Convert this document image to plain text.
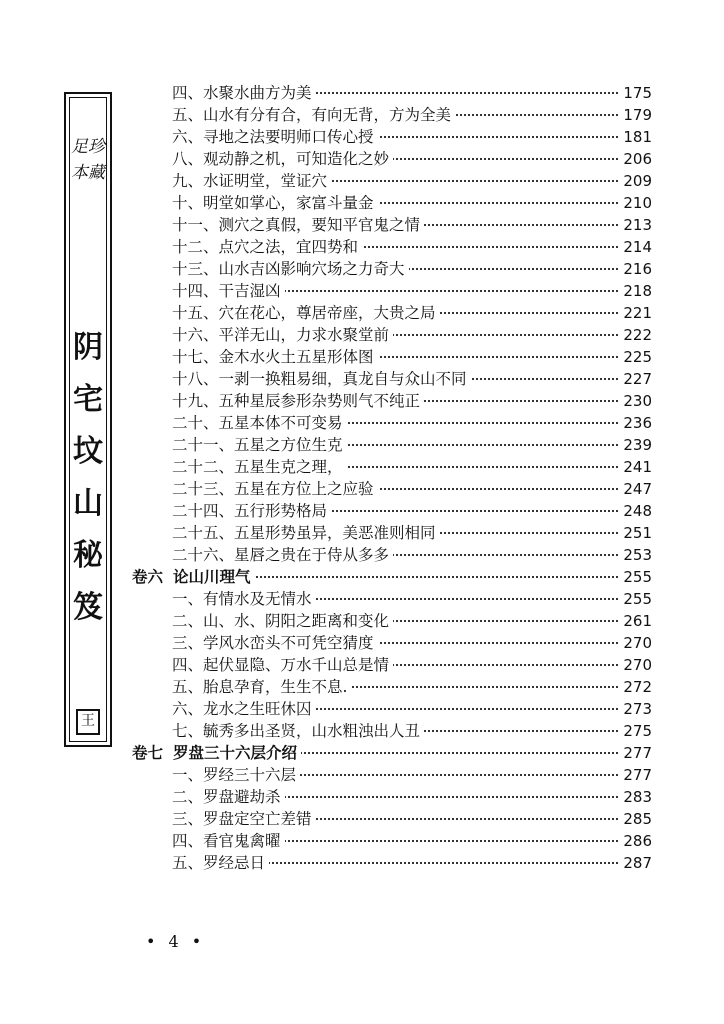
足珍
本藏
阴
宅
坟
山
秘
笈
王
四、水聚水曲方为美	175
五、山水有分有合，有向无背，方为全美	179
六、寻地之法要明师口传心授	181
八、观动静之机，可知造化之妙	206
九、水证明堂，堂证穴	209
十、明堂如掌心，家富斗量金	210
十一、测穴之真假，要知平官鬼之情	213
十二、点穴之法，宜四势和	214
十三、山水吉凶影响穴场之力奇大	216
十四、干吉湿凶	218
十五、穴在花心，尊居帝座，大贵之局	221
十六、平洋无山，力求水聚堂前	222
十七、金木水火土五星形体图	225
十八、一剥一换粗易细，真龙自与众山不同	227
十九、五种星辰参形杂势则气不纯正	230
二十、五星本体不可变易	236
二十一、五星之方位生克	239
二十二、五星生克之理，	241
二十三、五星在方位上之应验	247
二十四、五行形势格局	248
二十五、五星形势虽异，美恶准则相同	251
二十六、星唇之贵在于侍从多多	253
卷六 论山川理气	255
一、有情水及无情水	255
二、山、水、阴阳之距离和变化	261
三、学风水峦头不可凭空猜度	270
四、起伏显隐、万水千山总是情	270
五、胎息孕育，生生不息.	272
六、龙水之生旺休囚	273
七、毓秀多出圣贤，山水粗浊出人丑	275
卷七 罗盘三十六层介绍	277
一、罗经三十六层	277
二、罗盘避劫杀	283
三、罗盘定空亡差错	285
四、看官鬼禽曜	286
五、罗经忌日	287
• 4 •
